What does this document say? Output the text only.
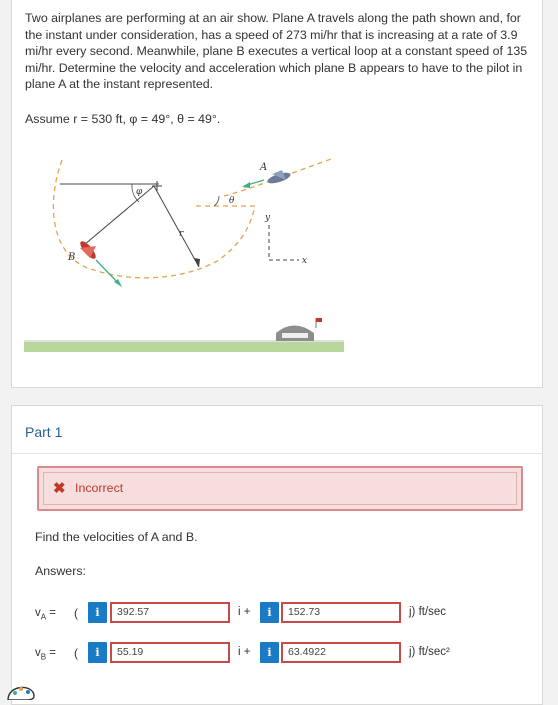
Two airplanes are performing at an air show. Plane A travels along the path shown and, for the instant under consideration, has a speed of 273 mi/hr that is increasing at a rate of 3.9 mi/hr every second. Meanwhile, plane B executes a vertical loop at a constant speed of 135 mi/hr. Determine the velocity and acceleration which plane B appears to have to the pilot in plane A at the instant represented.

Assume r = 530 ft, φ = 49°, θ = 49°.

φ
θ
r
A
B
y
x
Part 1
✖ Incorrect

Find the velocities of A and B.

Answers:

$v_A$ = (	i	392.57	i +	i	152.73	j) ft/sec
$v_B$ = (	i	55.19	i +	i	63.4922	j) ft/sec²
